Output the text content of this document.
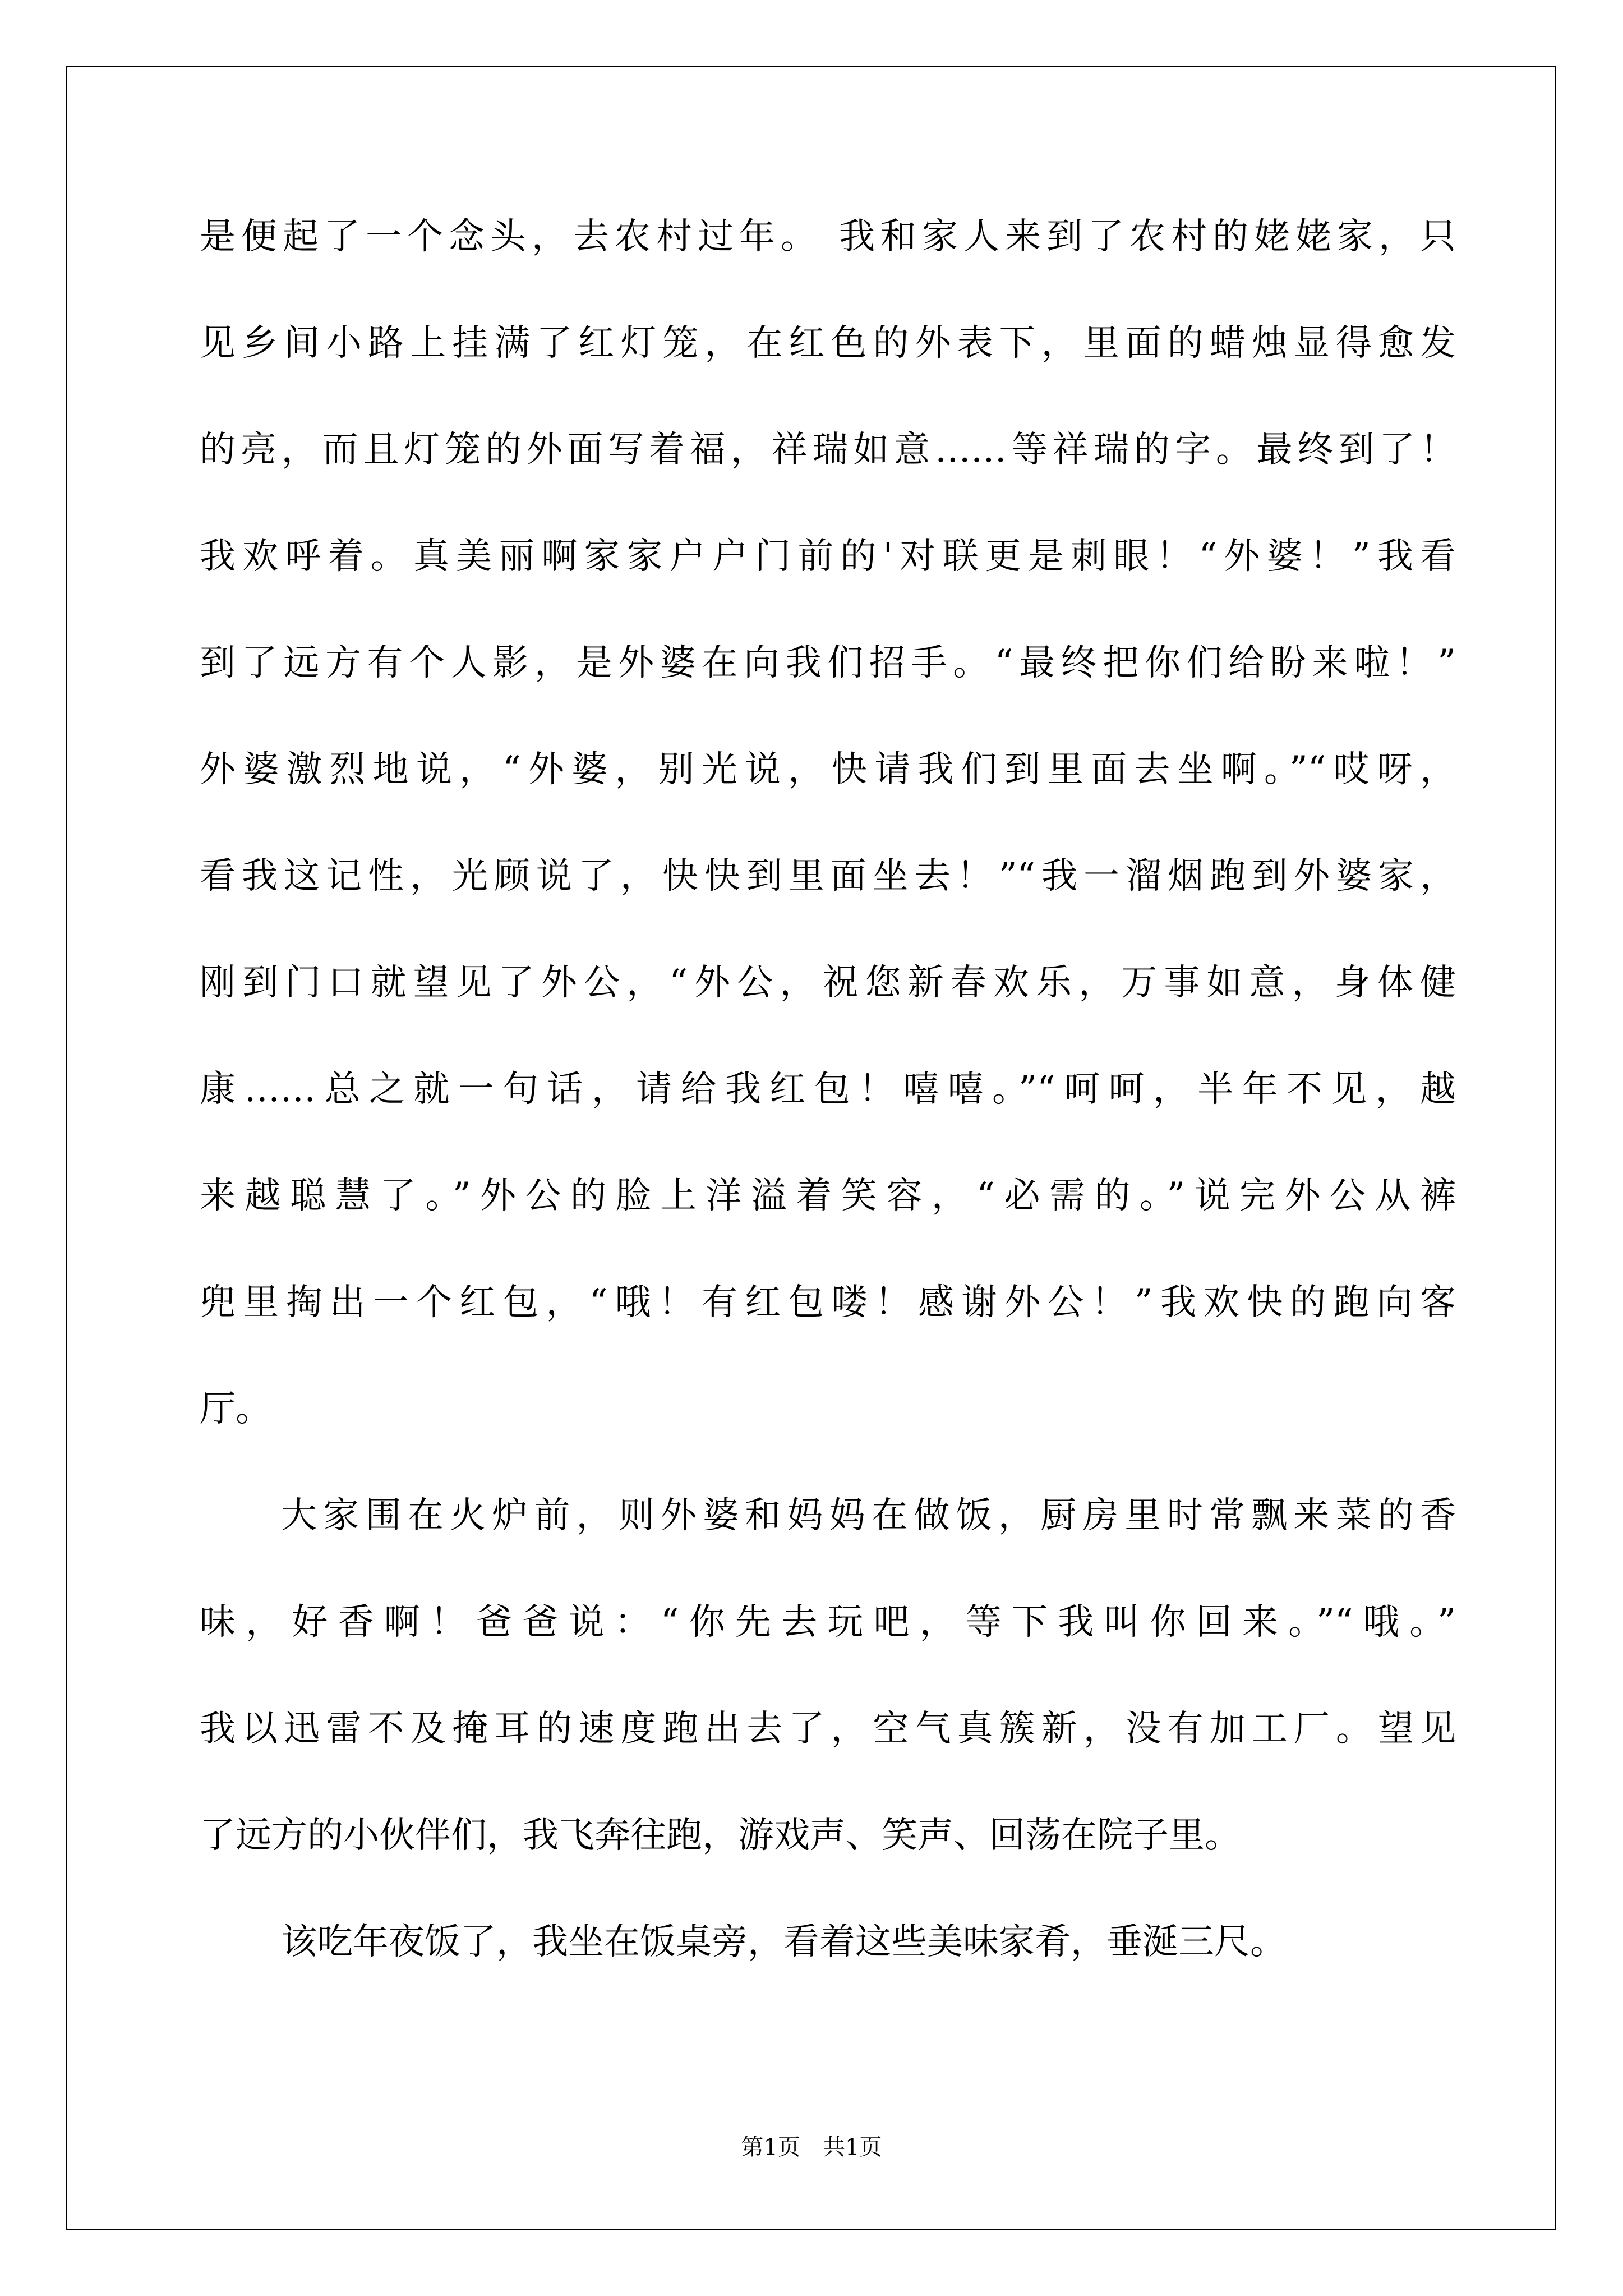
是便起了一个念头，去农村过年。 我和家人来到了农村的姥姥家，只
见乡间小路上挂满了红灯笼，在红色的外表下，里面的蜡烛显得愈发
的亮，而且灯笼的外面写着福，祥瑞如意……等祥瑞的字。最终到了！
我欢呼着。真美丽啊家家户户门前的'对联更是刺眼！“外婆！”我看
到了远方有个人影，是外婆在向我们招手。“最终把你们给盼来啦！”
外婆激烈地说，“外婆，别光说，快请我们到里面去坐啊。”“哎呀，
看我这记性，光顾说了，快快到里面坐去！”“我一溜烟跑到外婆家，
刚到门口就望见了外公，“外公，祝您新春欢乐，万事如意，身体健
康……总之就一句话，请给我红包！嘻嘻。”“呵呵，半年不见，越
来越聪慧了。”外公的脸上洋溢着笑容，“必需的。”说完外公从裤
兜里掏出一个红包，“哦！有红包喽！感谢外公！”我欢快的跑向客
厅。
大家围在火炉前，则外婆和妈妈在做饭，厨房里时常飘来菜的香
味，好香啊！爸爸说：“你先去玩吧，等下我叫你回来。”“哦。”
我以迅雷不及掩耳的速度跑出去了，空气真簇新，没有加工厂。望见
了远方的小伙伴们，我飞奔往跑，游戏声、笑声、回荡在院子里。
该吃年夜饭了，我坐在饭桌旁，看着这些美味家肴，垂涎三尺。
第1页　共1页
